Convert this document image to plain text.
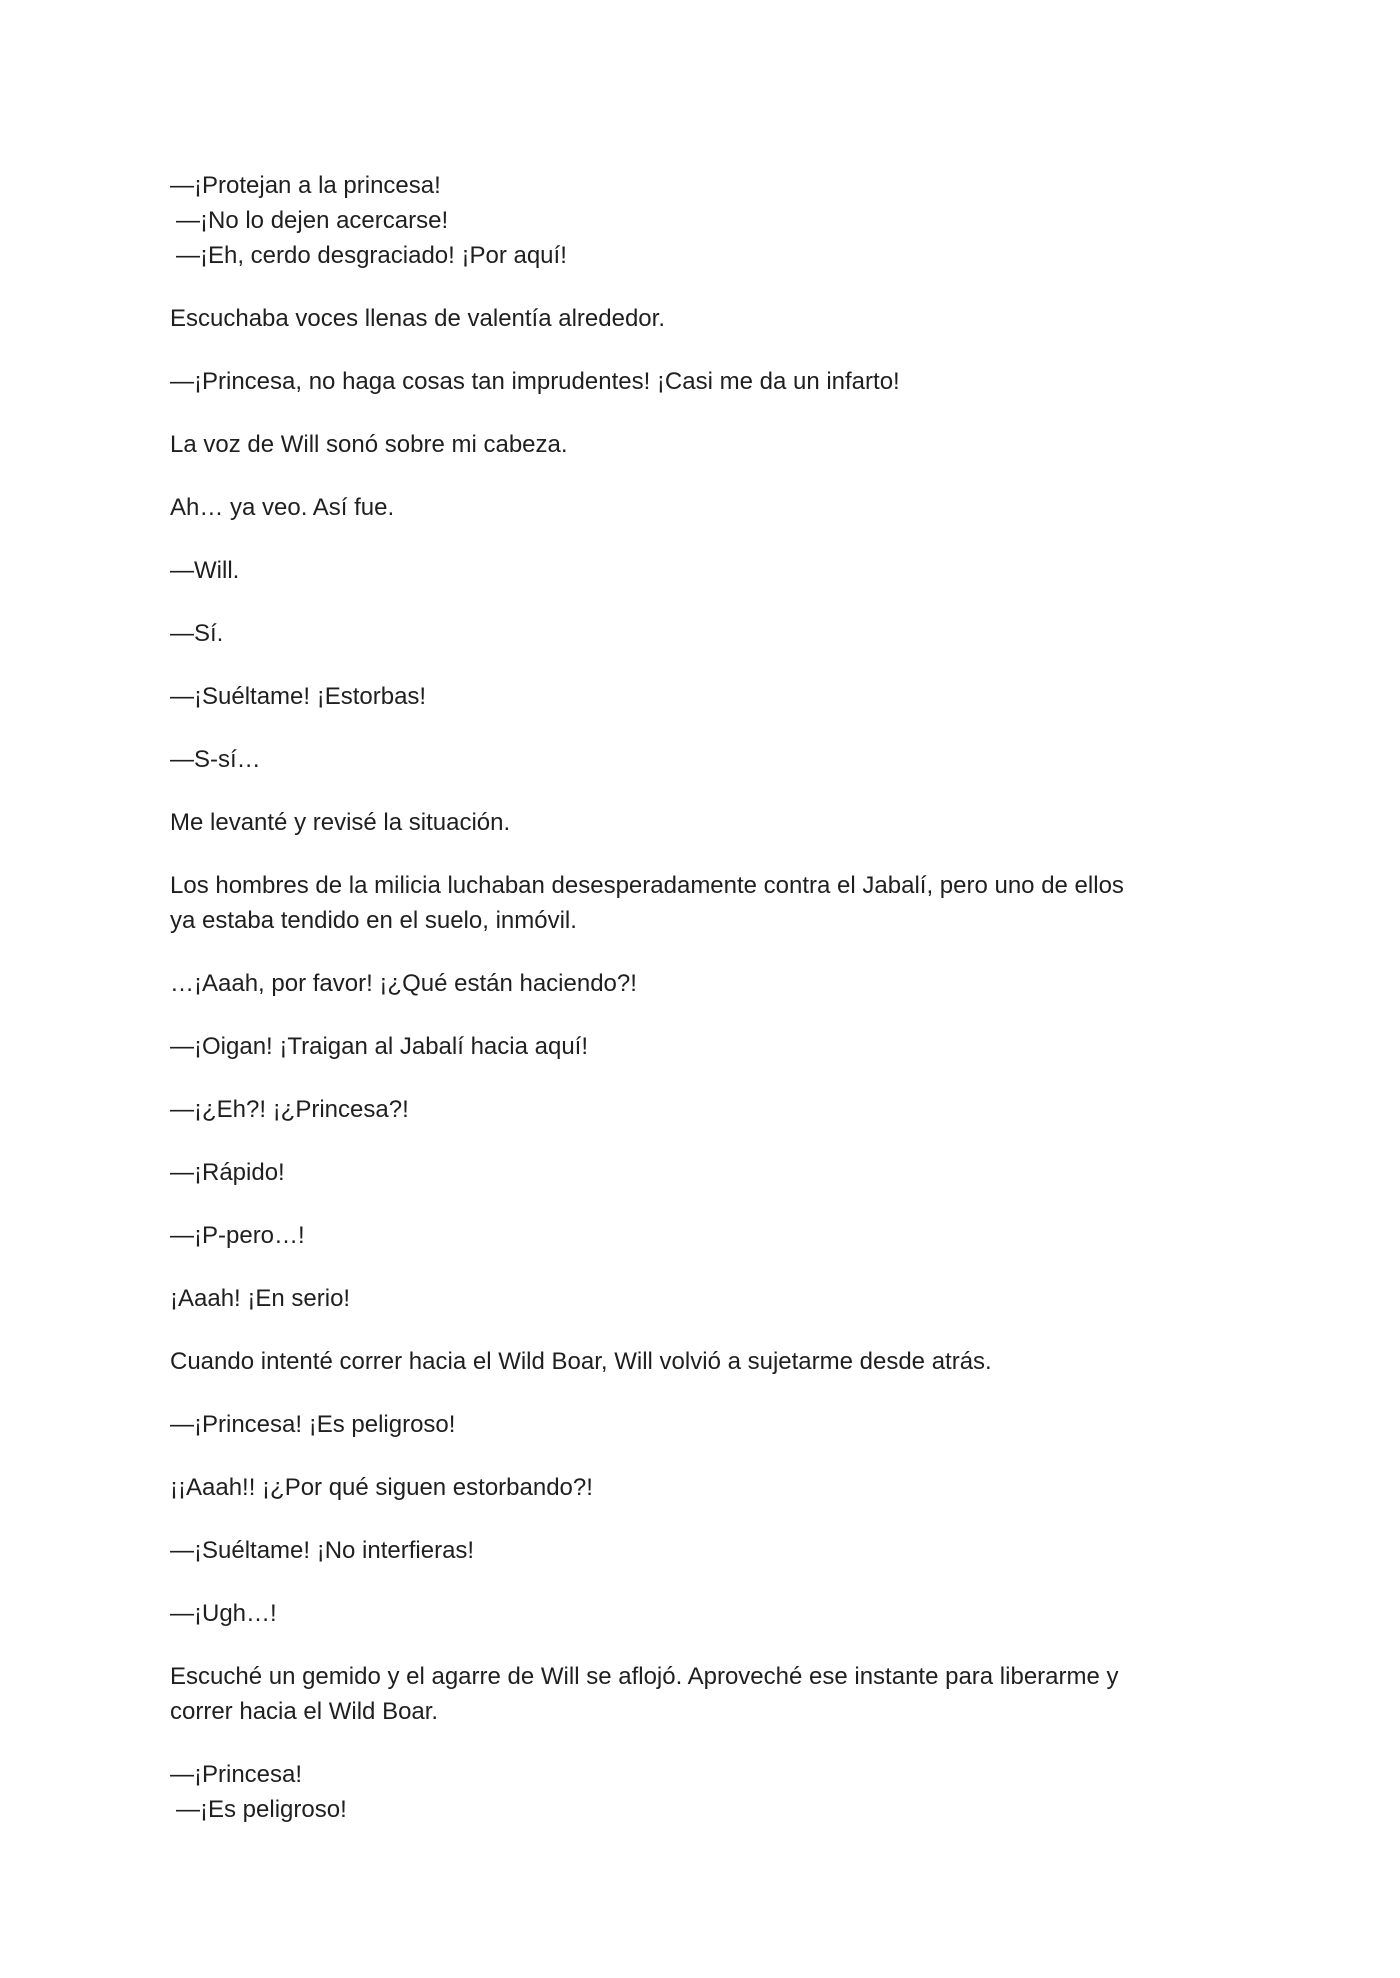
—¡Protejan a la princesa!
—¡No lo dejen acercarse!
—¡Eh, cerdo desgraciado! ¡Por aquí!

Escuchaba voces llenas de valentía alrededor.

—¡Princesa, no haga cosas tan imprudentes! ¡Casi me da un infarto!

La voz de Will sonó sobre mi cabeza.

Ah… ya veo. Así fue.

—Will.

—Sí.

—¡Suéltame! ¡Estorbas!

—S-sí…

Me levanté y revisé la situación.

Los hombres de la milicia luchaban desesperadamente contra el Jabalí, pero uno de ellos
ya estaba tendido en el suelo, inmóvil.

…¡Aaah, por favor! ¡¿Qué están haciendo?!

—¡Oigan! ¡Traigan al Jabalí hacia aquí!

—¡¿Eh?! ¡¿Princesa?!

—¡Rápido!

—¡P-pero…!

¡Aaah! ¡En serio!

Cuando intenté correr hacia el Wild Boar, Will volvió a sujetarme desde atrás.

—¡Princesa! ¡Es peligroso!

¡¡Aaah!! ¡¿Por qué siguen estorbando?!

—¡Suéltame! ¡No interfieras!

—¡Ugh…!

Escuché un gemido y el agarre de Will se aflojó. Aproveché ese instante para liberarme y
correr hacia el Wild Boar.

—¡Princesa!
—¡Es peligroso!
